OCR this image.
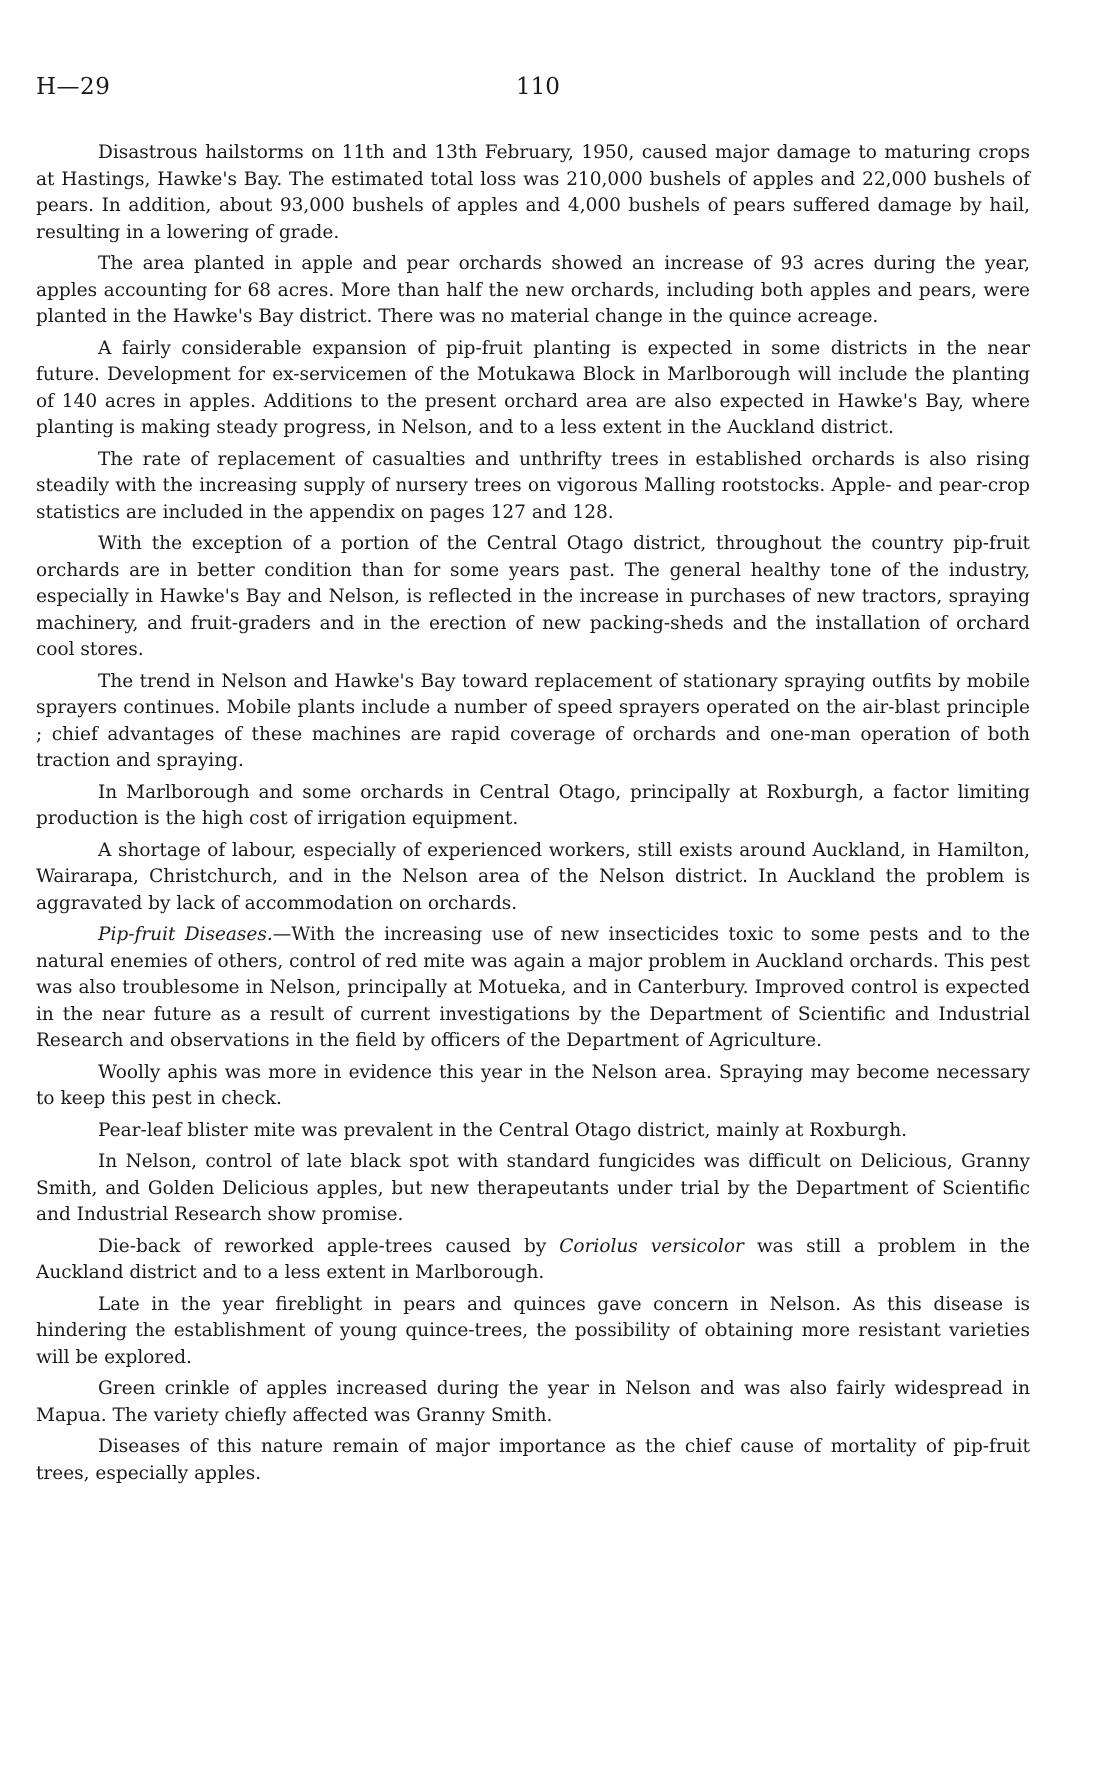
H—29	110

Disastrous hailstorms on 11th and 13th February, 1950, caused major damage to maturing crops at Hastings, Hawke's Bay. The estimated total loss was 210,000 bushels of apples and 22,000 bushels of pears. In addition, about 93,000 bushels of apples and 4,000 bushels of pears suffered damage by hail, resulting in a lowering of grade.

The area planted in apple and pear orchards showed an increase of 93 acres during the year, apples accounting for 68 acres. More than half the new orchards, including both apples and pears, were planted in the Hawke's Bay district. There was no material change in the quince acreage.

A fairly considerable expansion of pip-fruit planting is expected in some districts in the near future. Development for ex-servicemen of the Motukawa Block in Marlborough will include the planting of 140 acres in apples. Additions to the present orchard area are also expected in Hawke's Bay, where planting is making steady progress, in Nelson, and to a less extent in the Auckland district.

The rate of replacement of casualties and unthrifty trees in established orchards is also rising steadily with the increasing supply of nursery trees on vigorous Malling rootstocks. Apple- and pear-crop statistics are included in the appendix on pages 127 and 128.

With the exception of a portion of the Central Otago district, throughout the country pip-fruit orchards are in better condition than for some years past. The general healthy tone of the industry, especially in Hawke's Bay and Nelson, is reflected in the increase in purchases of new tractors, spraying machinery, and fruit-graders and in the erection of new packing-sheds and the installation of orchard cool stores.

The trend in Nelson and Hawke's Bay toward replacement of stationary spraying outfits by mobile sprayers continues. Mobile plants include a number of speed sprayers operated on the air-blast principle ; chief advantages of these machines are rapid coverage of orchards and one-man operation of both traction and spraying.

In Marlborough and some orchards in Central Otago, principally at Roxburgh, a factor limiting production is the high cost of irrigation equipment.

A shortage of labour, especially of experienced workers, still exists around Auckland, in Hamilton, Wairarapa, Christchurch, and in the Nelson area of the Nelson district. In Auckland the problem is aggravated by lack of accommodation on orchards.

Pip-fruit Diseases.—With the increasing use of new insecticides toxic to some pests and to the natural enemies of others, control of red mite was again a major problem in Auckland orchards. This pest was also troublesome in Nelson, principally at Motueka, and in Canterbury. Improved control is expected in the near future as a result of current investigations by the Department of Scientific and Industrial Research and observations in the field by officers of the Department of Agriculture.

Woolly aphis was more in evidence this year in the Nelson area. Spraying may become necessary to keep this pest in check.

Pear-leaf blister mite was prevalent in the Central Otago district, mainly at Roxburgh.

In Nelson, control of late black spot with standard fungicides was difficult on Delicious, Granny Smith, and Golden Delicious apples, but new therapeutants under trial by the Department of Scientific and Industrial Research show promise.

Die-back of reworked apple-trees caused by Coriolus versicolor was still a problem in the Auckland district and to a less extent in Marlborough.

Late in the year fireblight in pears and quinces gave concern in Nelson. As this disease is hindering the establishment of young quince-trees, the possibility of obtaining more resistant varieties will be explored.

Green crinkle of apples increased during the year in Nelson and was also fairly widespread in Mapua. The variety chiefly affected was Granny Smith.

Diseases of this nature remain of major importance as the chief cause of mortality of pip-fruit trees, especially apples.
